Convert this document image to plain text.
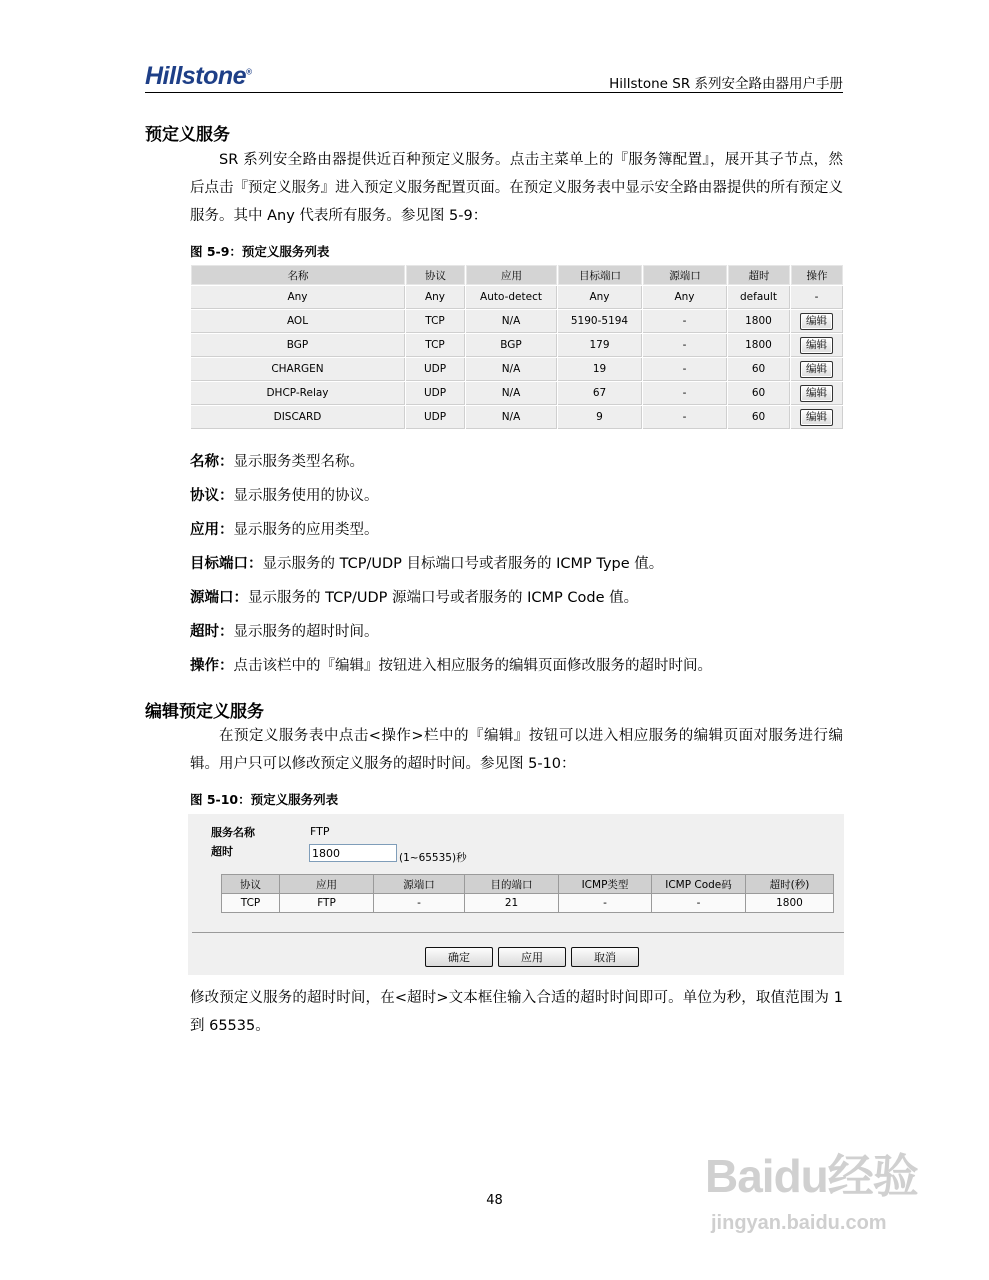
Hillstone®
Hillstone SR 系列安全路由器用户手册
预定义服务
SR 系列安全路由器提供近百种预定义服务。点击主菜单上的『服务簿配置』，展开其子节点，然后点击『预定义服务』进入预定义服务配置页面。在预定义服务表中显示安全路由器提供的所有预定义服务。其中 Any 代表所有服务。参见图 5-9：
图 5-9：预定义服务列表
名称	协议	应用	目标端口	源端口	超时	操作
Any	Any	Auto-detect	Any	Any	default	-
AOL	TCP	N/A	5190-5194	-	1800	编辑
BGP	TCP	BGP	179	-	1800	编辑
CHARGEN	UDP	N/A	19	-	60	编辑
DHCP-Relay	UDP	N/A	67	-	60	编辑
DISCARD	UDP	N/A	9	-	60	编辑
名称：显示服务类型名称。
协议：显示服务使用的协议。
应用：显示服务的应用类型。
目标端口：显示服务的 TCP/UDP 目标端口号或者服务的 ICMP Type 值。
源端口：显示服务的 TCP/UDP 源端口号或者服务的 ICMP Code 值。
超时：显示服务的超时时间。
操作：点击该栏中的『编辑』按钮进入相应服务的编辑页面修改服务的超时时间。
编辑预定义服务
在预定义服务表中点击<操作>栏中的『编辑』按钮可以进入相应服务的编辑页面对服务进行编辑。用户只可以修改预定义服务的超时时间。参见图 5-10：
图 5-10：预定义服务列表
服务名称	FTP
超时
1800	(1~65535)秒
协议	应用	源端口	目的端口	ICMP类型	ICMP Code码	超时(秒)
TCP	FTP	-	21	-	-	1800
确定	应用	取消
修改预定义服务的超时时间，在<超时>文本框住输入合适的超时时间即可。单位为秒，取值范围为 1 到 65535。
48	Baidu经验
jingyan.baidu.com
